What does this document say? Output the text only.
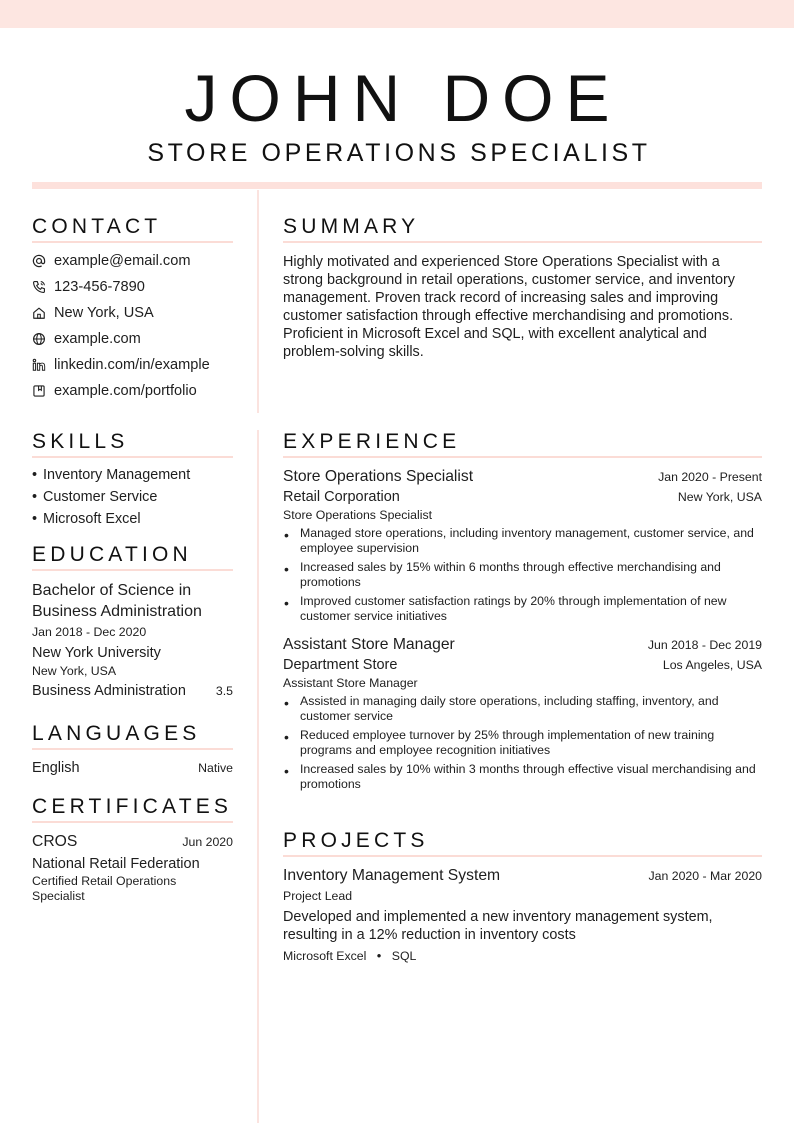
JOHN DOE
STORE OPERATIONS SPECIALIST
CONTACT
example@email.com
123-456-7890
New York, USA
example.com
linkedin.com/in/example
example.com/portfolio
SKILLS
• Inventory Management
• Customer Service
• Microsoft Excel
EDUCATION
Bachelor of Science in Business Administration
Jan 2018 - Dec 2020
New York University
New York, USA
Business Administration 3.5
LANGUAGES
English	Native
CERTIFICATES
CROS	Jun 2020
National Retail Federation
Certified Retail Operations Specialist
SUMMARY
Highly motivated and experienced Store Operations Specialist with a strong background in retail operations, customer service, and inventory management. Proven track record of increasing sales and improving customer satisfaction through effective merchandising and promotions. Proficient in Microsoft Excel and SQL, with excellent analytical and problem-solving skills.
EXPERIENCE
Store Operations Specialist	Jan 2020 - Present
Retail Corporation	New York, USA
Store Operations Specialist
• Managed store operations, including inventory management, customer service, and employee supervision
• Increased sales by 15% within 6 months through effective merchandising and promotions
• Improved customer satisfaction ratings by 20% through implementation of new customer service initiatives
Assistant Store Manager	Jun 2018 - Dec 2019
Department Store	Los Angeles, USA
Assistant Store Manager
• Assisted in managing daily store operations, including staffing, inventory, and customer service
• Reduced employee turnover by 25% through implementation of new training programs and employee recognition initiatives
• Increased sales by 10% within 3 months through effective visual merchandising and promotions
PROJECTS
Inventory Management System	Jan 2020 - Mar 2020
Project Lead
Developed and implemented a new inventory management system, resulting in a 12% reduction in inventory costs
Microsoft Excel • SQL
